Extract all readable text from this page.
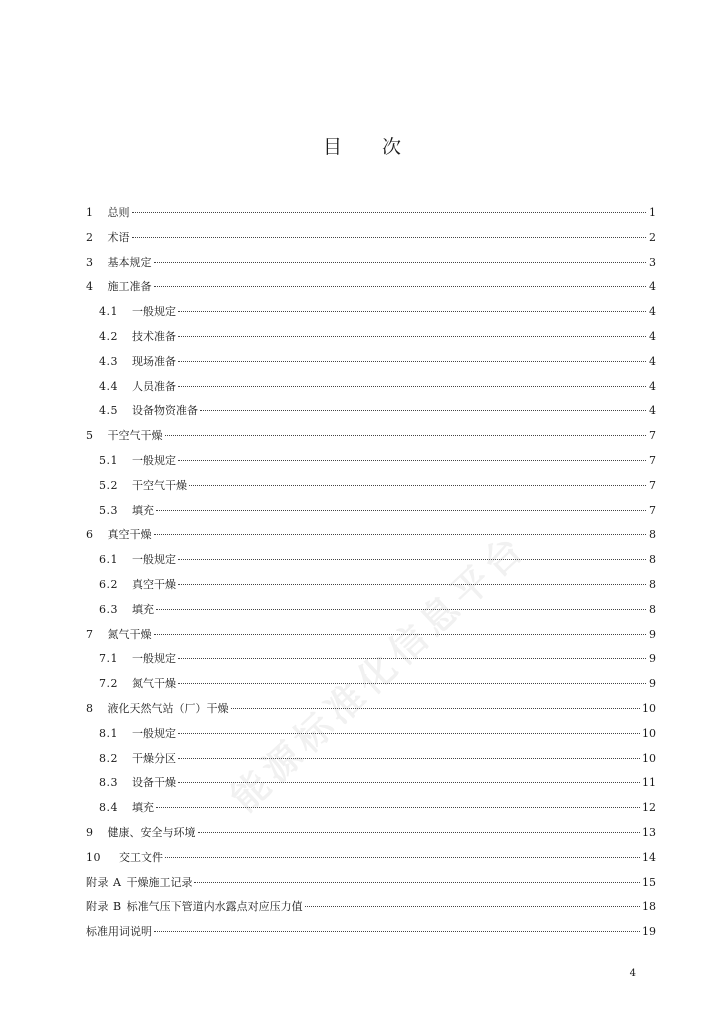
目 次
1 总则	1
2 术语	2
3 基本规定	3
4 施工准备	4
4.1 一般规定	4
4.2 技术准备	4
4.3 现场准备	4
4.4 人员准备	4
4.5 设备物资准备	4
5 干空气干燥	7
5.1 一般规定	7
5.2 干空气干燥	7
5.3 填充	7
6 真空干燥	8
6.1 一般规定	8
6.2 真空干燥	8
6.3 填充	8
7 氮气干燥	9
7.1 一般规定	9
7.2 氮气干燥	9
8 液化天然气站（厂）干燥	10
8.1 一般规定	10
8.2 干燥分区	10
8.3 设备干燥	11
8.4 填充	12
9 健康、安全与环境	13
10 交工文件	14
附录 A 干燥施工记录	15
附录 B 标准气压下管道内水露点对应压力值	18
标准用词说明	19
4
能源标准化信息平台
